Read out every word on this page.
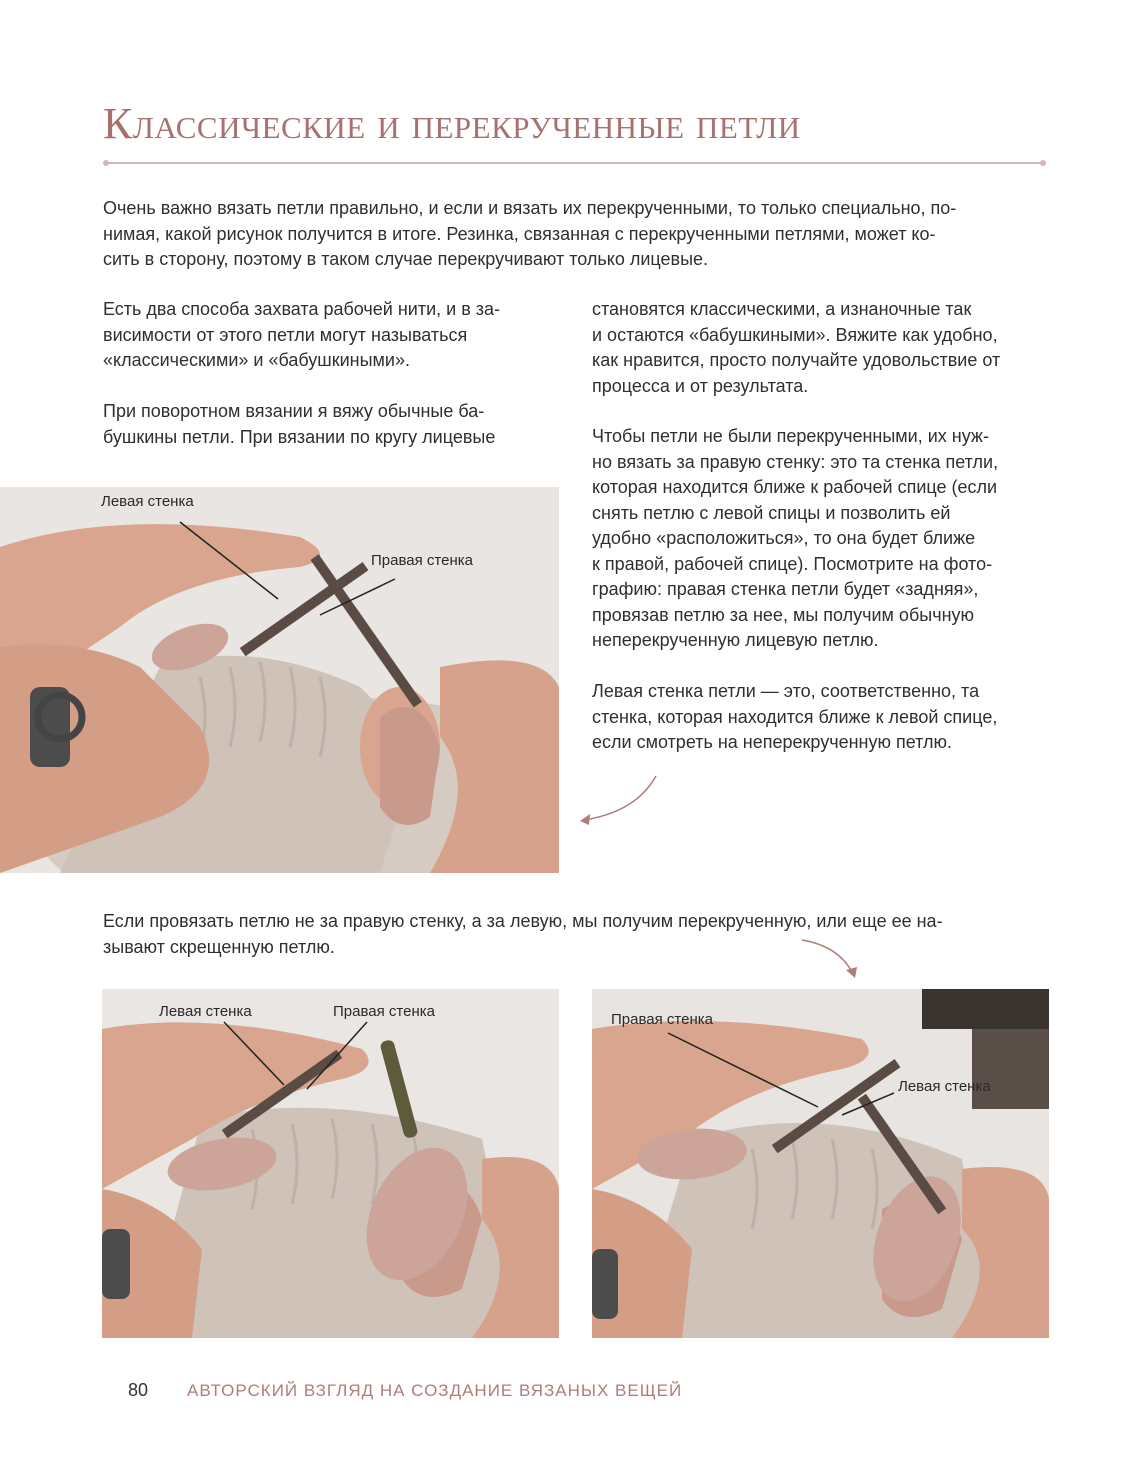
Классические и перекрученные петли

Очень важно вязать петли правильно, и если и вязать их перекрученными, то только специально, по-
нимая, какой рисунок получится в итоге. Резинка, связанная с перекрученными петлями, может ко-
сить в сторону, поэтому в таком случае перекручивают только лицевые.

Есть два способа захвата рабочей нити, и в за-
висимости от этого петли могут называться
«классическими» и «бабушкиными».

При поворотном вязании я вяжу обычные ба-
бушкины петли. При вязании по кругу лицевые

становятся классическими, а изнаночные так
и остаются «бабушкиными». Вяжите как удобно,
как нравится, просто получайте удовольствие от
процесса и от результата.

Чтобы петли не были перекрученными, их нуж-
но вязать за правую стенку: это та стенка петли,
которая находится ближе к рабочей спице (если
снять петлю с левой спицы и позволить ей
удобно «расположиться», то она будет ближе
к правой, рабочей спице). Посмотрите на фото-
графию: правая стенка петли будет «задняя»,
провязав петлю за нее, мы получим обычную
неперекрученную лицевую петлю.

Левая стенка петли — это, соответственно, та
стенка, которая находится ближе к левой спице,
если смотреть на неперекрученную петлю.

Левая стенка
Правая стенка

Если провязать петлю не за правую стенку, а за левую, мы получим перекрученную, или еще ее на-
зывают скрещенную петлю.

Левая стенка	Правая стенка	Правая стенка
Левая стенка
80 АВТОРСКИЙ ВЗГЛЯД НА СОЗДАНИЕ ВЯЗАНЫХ ВЕЩЕЙ
